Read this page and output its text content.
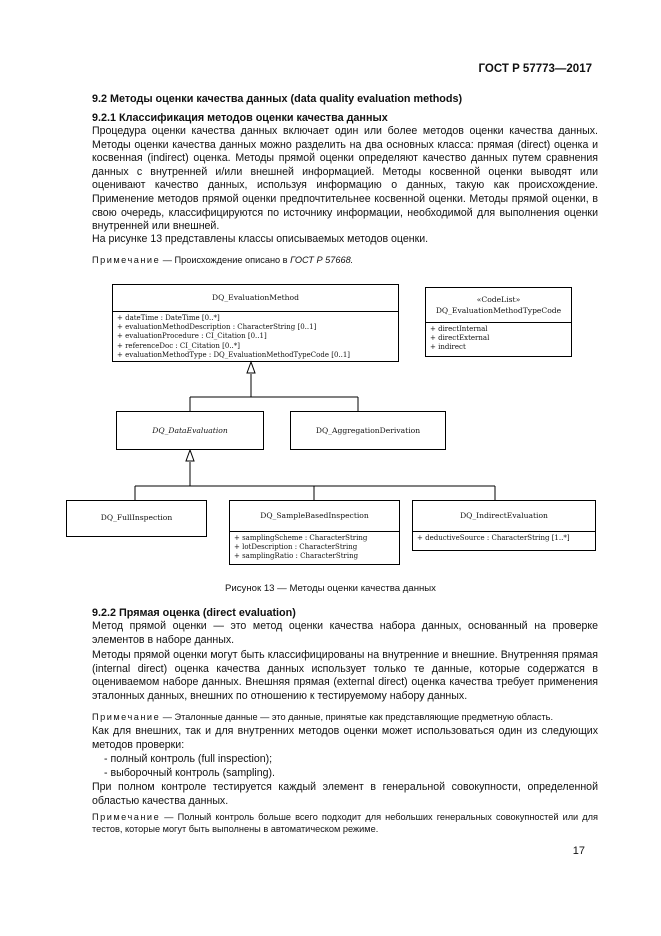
ГОСТ Р 57773—2017
9.2 Методы оценки качества данных (data quality evaluation methods)
9.2.1 Классификация методов оценки качества данных
Процедура оценки качества данных включает один или более методов оценки качества данных. Методы оценки качества данных можно разделить на два основных класса: прямая (direct) оценка и косвенная (indirect) оценка. Методы прямой оценки определяют качество данных путем сравнения данных с внутренней и/или внешней информацией. Методы косвенной оценки выводят или оценивают качество данных, используя информацию о данных, такую как происхождение. Применение методов прямой оценки предпочтительнее косвенной оценки. Методы прямой оценки, в свою очередь, классифицируются по источнику информации, необходимой для выполнения оценки внутренней или внешней.
На рисунке 13 представлены классы описываемых методов оценки.
Примечание — Происхождение описано в ГОСТ Р 57668.
DQ_EvaluationMethod
+ dateTime : DateTime [0..*]
+ evaluationMethodDescription : CharacterString [0..1]
+ evaluationProcedure : CI_Citation [0..1]
+ referenceDoc : CI_Citation [0..*]
+ evaluationMethodType : DQ_EvaluationMethodTypeCode [0..1]
«CodeList»
DQ_EvaluationMethodTypeCode
+ directInternal
+ directExternal
+ indirect
DQ_DataEvaluation	DQ_AggregationDerivation
DQ_FullInspection	DQ_SampleBasedInspection
+ samplingScheme : CharacterString
+ lotDescription : CharacterString
+ samplingRatio : CharacterString
DQ_IndirectEvaluation
+ deductiveSource : CharacterString [1..*]
Рисунок 13 — Методы оценки качества данных
9.2.2 Прямая оценка (direct evaluation)
Метод прямой оценки — это метод оценки качества набора данных, основанный на проверке элементов в наборе данных.
Методы прямой оценки могут быть классифицированы на внутренние и внешние. Внутренняя прямая (internal direct) оценка качества данных использует только те данные, которые содержатся в оцениваемом наборе данных. Внешняя прямая (external direct) оценка качества требует применения эталонных данных, внешних по отношению к тестируемому набору данных.
Примечание — Эталонные данные — это данные, принятые как представляющие предметную область.
Как для внешних, так и для внутренних методов оценки может использоваться один из следующих методов проверки:
- полный контроль (full inspection);
- выборочный контроль (sampling).
При полном контроле тестируется каждый элемент в генеральной совокупности, определенной областью качества данных.
Примечание — Полный контроль больше всего подходит для небольших генеральных совокупностей или для тестов, которые могут быть выполнены в автоматическом режиме.
17
